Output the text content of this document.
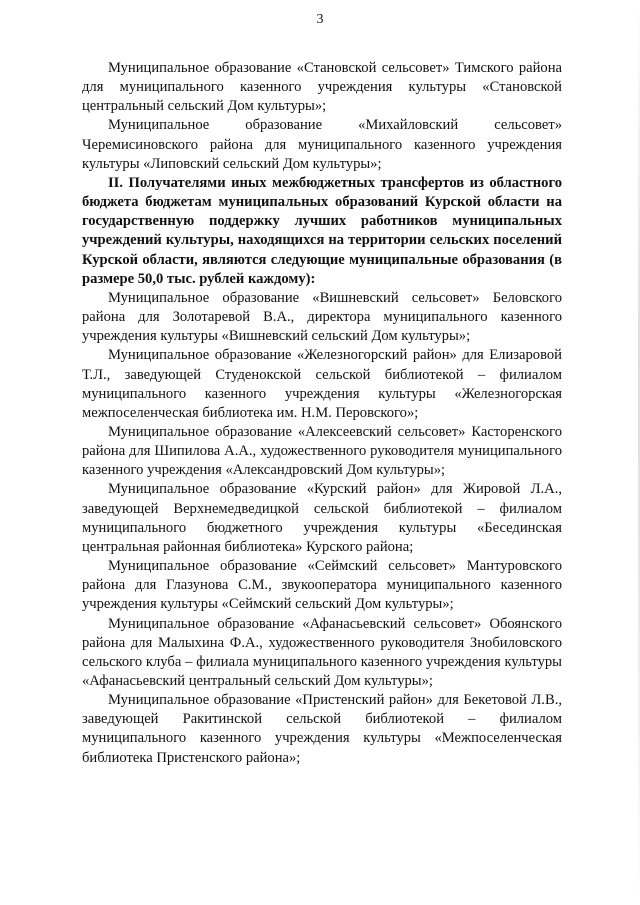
3

Муниципальное образование «Становской сельсовет» Тимского района для муниципального казенного учреждения культуры «Становской центральный сельский Дом культуры»;

Муниципальное образование «Михайловский сельсовет» Черемисиновского района для муниципального казенного учреждения культуры «Липовский сельский Дом культуры»;

II. Получателями иных межбюджетных трансфертов из областного бюджета бюджетам муниципальных образований Курской области на государственную поддержку лучших работников муниципальных учреждений культуры, находящихся на территории сельских поселений Курской области, являются следующие муниципальные образования (в размере 50,0 тыс. рублей каждому):

Муниципальное образование «Вишневский сельсовет» Беловского района для Золотаревой В.А., директора муниципального казенного учреждения культуры «Вишневский сельский Дом культуры»;

Муниципальное образование «Железногорский район» для Елизаровой Т.Л., заведующей Студенокской сельской библиотекой – филиалом муниципального казенного учреждения культуры «Железногорская межпоселенческая библиотека им. Н.М. Перовского»;

Муниципальное образование «Алексеевский сельсовет» Касторенского района для Шипилова А.А., художественного руководителя муниципального казенного учреждения «Александровский Дом культуры»;

Муниципальное образование «Курский район» для Жировой Л.А., заведующей Верхнемедведицкой сельской библиотекой – филиалом муниципального бюджетного учреждения культуры «Бесединская центральная районная библиотека» Курского района;

Муниципальное образование «Сеймский сельсовет» Мантуровского района для Глазунова С.М., звукооператора муниципального казенного учреждения культуры «Сеймский сельский Дом культуры»;

Муниципальное образование «Афанасьевский сельсовет» Обоянского района для Малыхина Ф.А., художественного руководителя Знобиловского сельского клуба – филиала муниципального казенного учреждения культуры «Афанасьевский центральный сельский Дом культуры»;

Муниципальное образование «Пристенский район» для Бекетовой Л.В., заведующей Ракитинской сельской библиотекой – филиалом муниципального казенного учреждения культуры «Межпоселенческая библиотека Пристенского района»;
